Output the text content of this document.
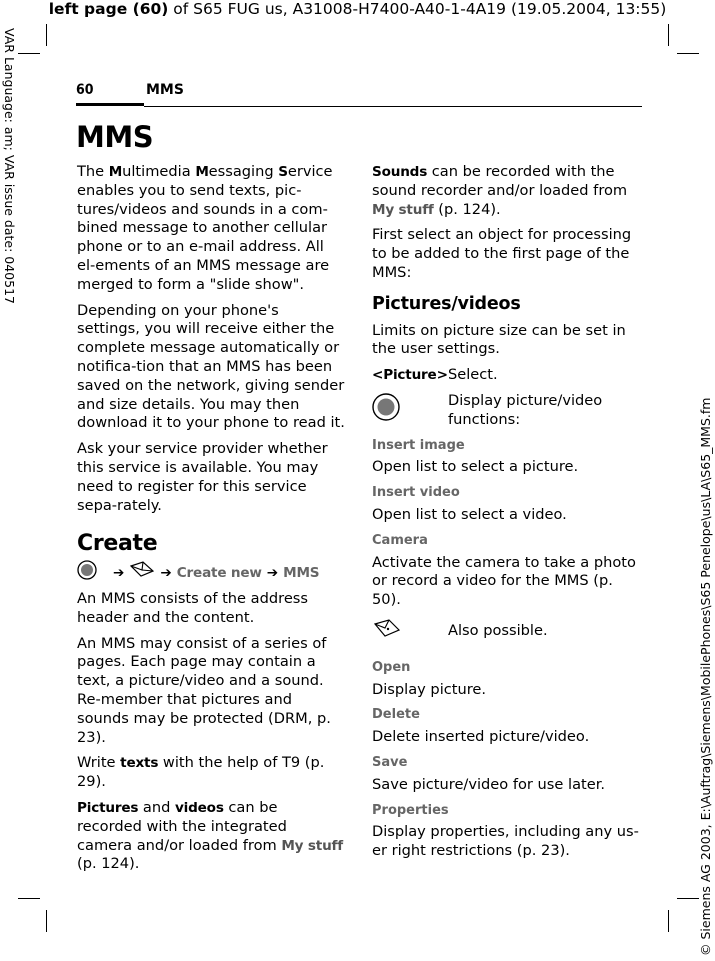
left page (60) of S65 FUG us, A31008-H7400-A40-1-4A19 (19.05.2004, 13:55)
VAR Language: am; VAR issue date: 040517
© Siemens AG 2003, E:\Auftrag\Siemens\MobilePhones\S65 Penelope\us\LA\S65_MMS.fm
60	MMS
MMS

The Multimedia Messaging Service enables you to send texts, pic-tures/videos and sounds in a com-bined message to another cellular phone or to an e-mail address. All el-ements of an MMS message are merged to form a "slide show".

Depending on your phone's settings, you will receive either the complete message automatically or notifica-tion that an MMS has been saved on the network, giving sender and size details. You may then download it to your phone to read it.

Ask your service provider whether this service is available. You may need to register for this service sepa-rately.

Create
➔	➔ Create new ➔ MMS

An MMS consists of the address header and the content.

An MMS may consist of a series of pages. Each page may contain a text, a picture/video and a sound. Re-member that pictures and sounds may be protected (DRM, p. 23).

Write texts with the help of T9 (p. 29).

Pictures and videos can be recorded with the integrated camera and/or loaded from My stuff (p. 124).

Sounds can be recorded with the sound recorder and/or loaded from My stuff (p. 124).

First select an object for processing to be added to the first page of the MMS:

Pictures/videos

Limits on picture size can be set in the user settings.

<Picture> Select.
Display picture/video functions:
Insert image

Open list to select a picture.

Insert video

Open list to select a video.

Camera

Activate the camera to take a photo or record a video for the MMS (p. 50).

Also possible.
Open

Display picture.

Delete

Delete inserted picture/video.

Save

Save picture/video for use later.

Properties

Display properties, including any us-er right restrictions (p. 23).
